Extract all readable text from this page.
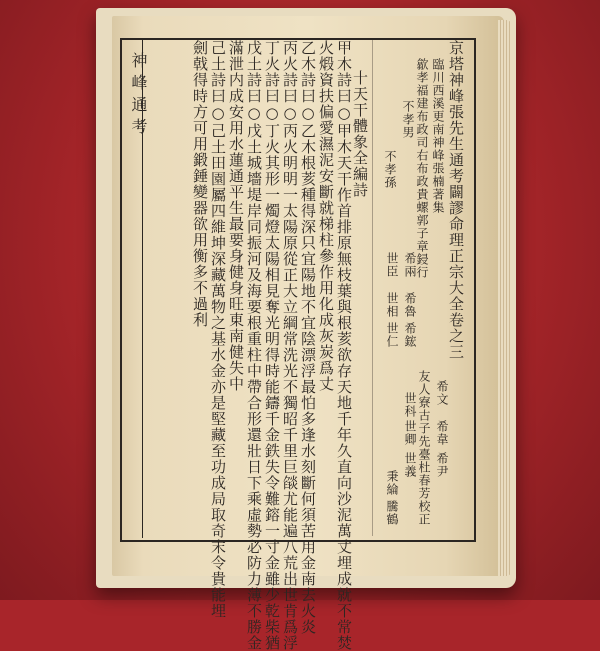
神峰通考	京塔神峰張先生通考闢謬命理正宗大全卷之三
臨川西溪更南神峰張楠著集
歙孝福建布政司右布政貴螺郭子章鋟行
不孝男
希兩
希魯
希鋐
不孝孫
世臣
世相
世仁
友人寮古子先臺杜春芳校正 希文
希韋
希尹
世科
世卿
世義
秉綸
騰鶴
十天干體象全編詩
甲木詩曰○甲木天干作首排原無枝葉與根荄欲存天地千年久直向沙泥萬丈埋成就不常焚
火煅資扶偏愛濕泥安斷就梯柱參作用化成灰炭爲丈
乙木詩曰○乙木根荄種得深只宜陽地不宜陰漂浮最怕多逢水刻斷何須苦用金南去火炎
丙火詩曰○丙火明明一太陽原從正大立綱常洗光不獨昭千里巨燄尤能遍八荒出世肯爲浮
丁火詩曰○丁火其形一燭燈太陽相見奪光明得時能鑄千金鉄失令難鎔一寸金雖少乾柴猶
戊土詩曰○戊土城墻堤岸同振河及海要根重柱中帶合形還壯日下乘虛勢必防力薄不勝金
滿泄内成安用水蓮通平生最要身健身旺東南健失中
己土詩曰○己土田園屬四維坤深藏萬物之基水金亦是堅藏至功成局取奇末令貴能埋
劍戟得時方可用鍛錘變器欲用衡多不過利
